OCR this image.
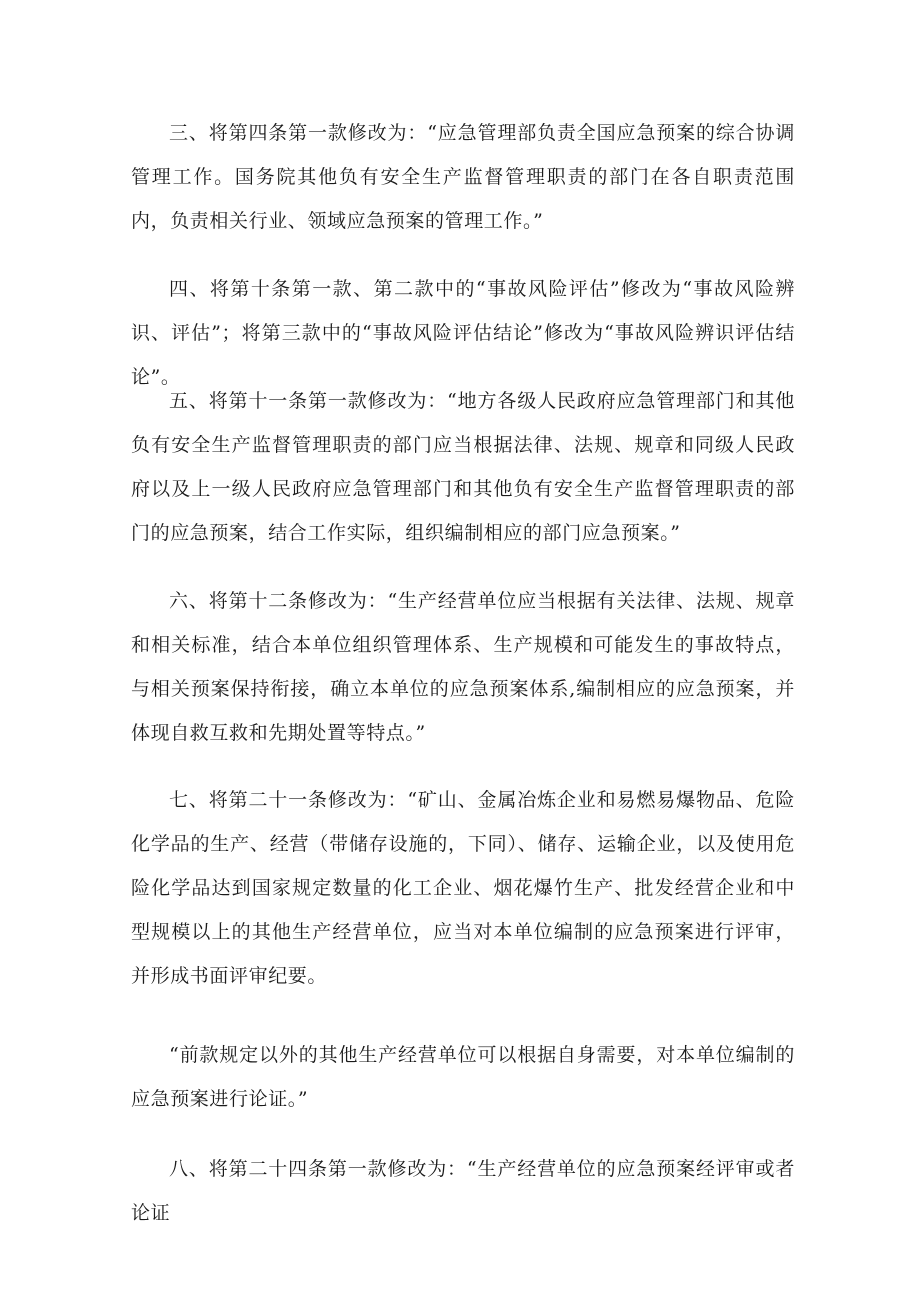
三、将第四条第一款修改为：“应急管理部负责全国应急预案的综合协调管理工作。国务院其他负有安全生产监督管理职责的部门在各自职责范围内，负责相关行业、领域应急预案的管理工作。”

四、将第十条第一款、第二款中的“事故风险评估”修改为“事故风险辨识、评估”；将第三款中的“事故风险评估结论”修改为“事故风险辨识评估结论”。

五、将第十一条第一款修改为：“地方各级人民政府应急管理部门和其他负有安全生产监督管理职责的部门应当根据法律、法规、规章和同级人民政府以及上一级人民政府应急管理部门和其他负有安全生产监督管理职责的部门的应急预案，结合工作实际，组织编制相应的部门应急预案。”

六、将第十二条修改为：“生产经营单位应当根据有关法律、法规、规章和相关标准，结合本单位组织管理体系、生产规模和可能发生的事故特点，与相关预案保持衔接，确立本单位的应急预案体系,编制相应的应急预案，并体现自救互救和先期处置等特点。”

七、将第二十一条修改为：“矿山、金属冶炼企业和易燃易爆物品、危险化学品的生产、经营（带储存设施的，下同）、储存、运输企业，以及使用危险化学品达到国家规定数量的化工企业、烟花爆竹生产、批发经营企业和中型规模以上的其他生产经营单位，应当对本单位编制的应急预案进行评审，并形成书面评审纪要。

“前款规定以外的其他生产经营单位可以根据自身需要，对本单位编制的应急预案进行论证。”

八、将第二十四条第一款修改为：“生产经营单位的应急预案经评审或者论证
